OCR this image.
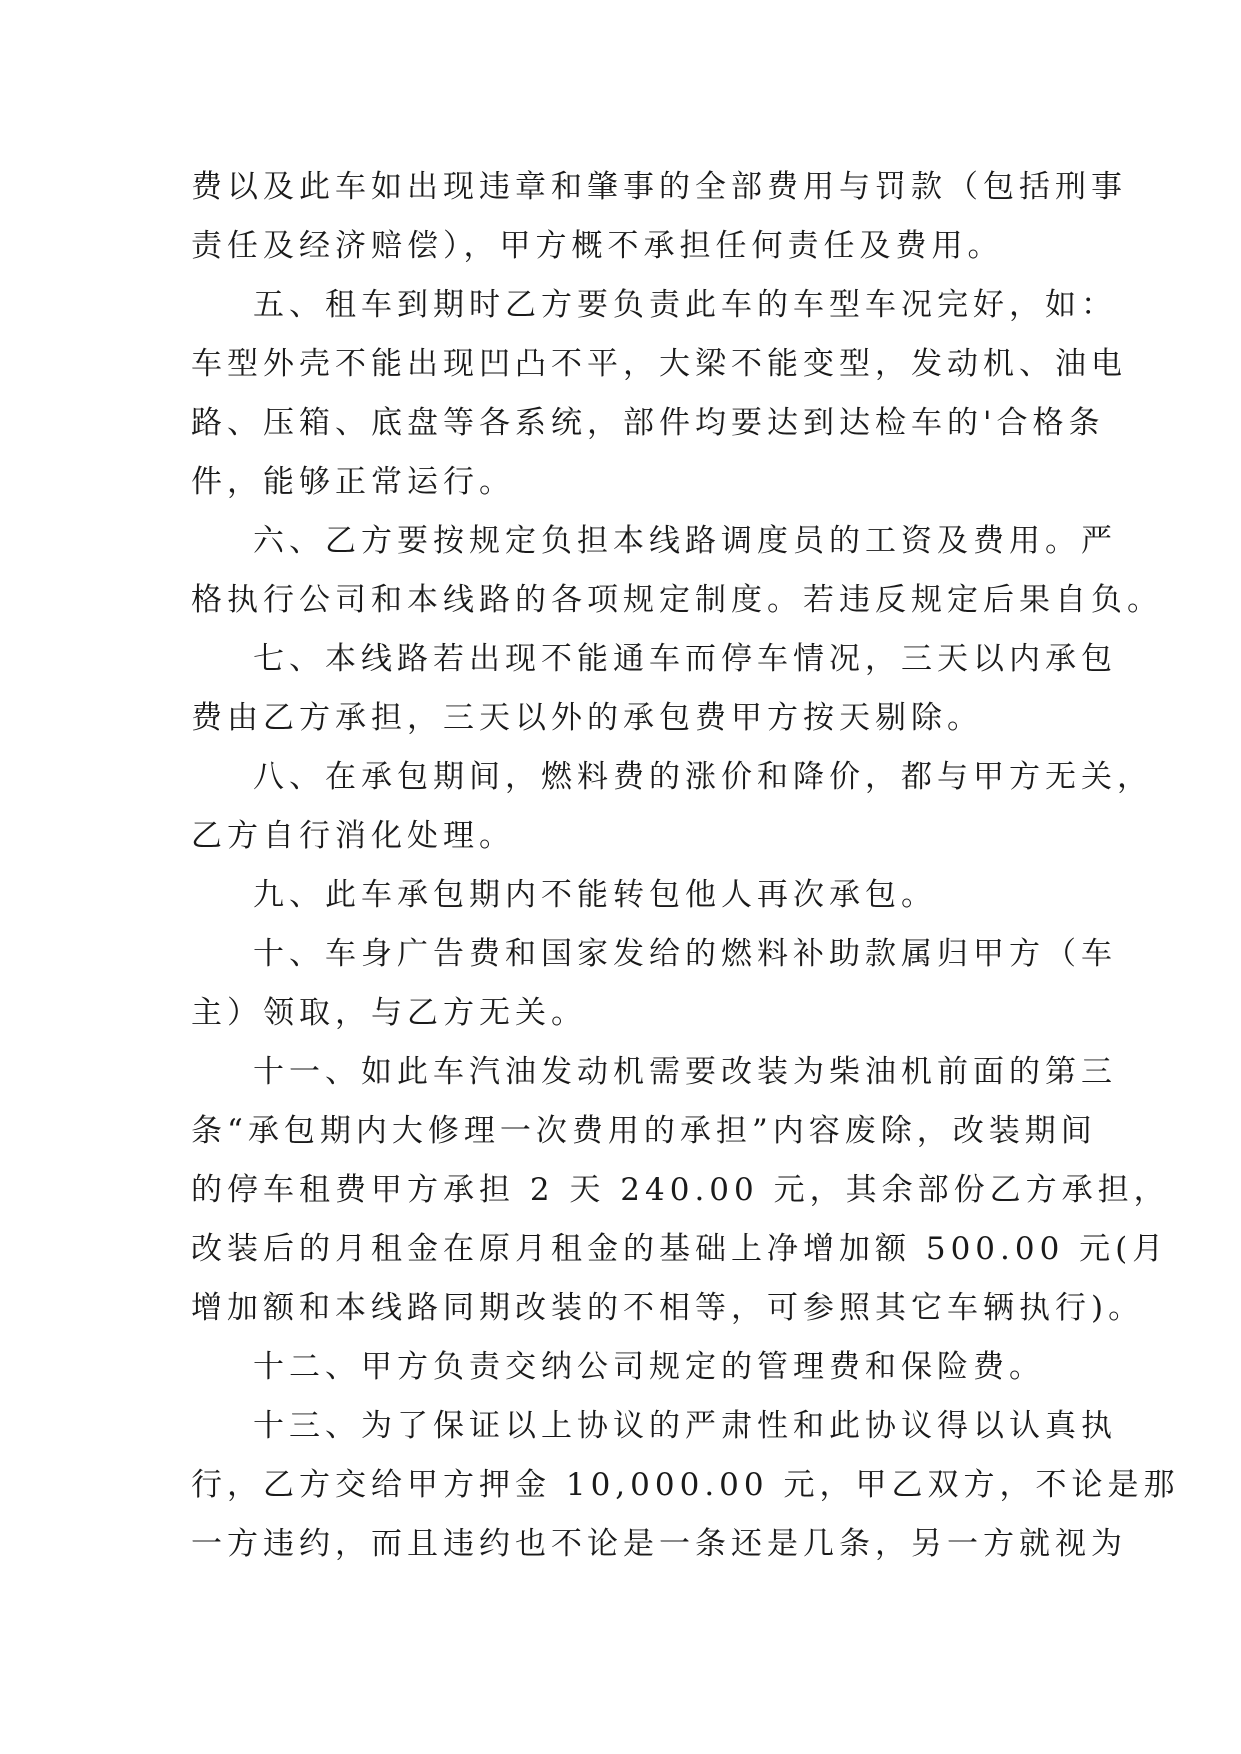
费以及此车如出现违章和肇事的全部费用与罚款（包括刑事
责任及经济赔偿），甲方概不承担任何责任及费用。
五、租车到期时乙方要负责此车的车型车况完好，如：
车型外壳不能出现凹凸不平，大梁不能变型，发动机、油电
路、压箱、底盘等各系统，部件均要达到达检车的'合格条
件，能够正常运行。
六、乙方要按规定负担本线路调度员的工资及费用。严
格执行公司和本线路的各项规定制度。若违反规定后果自负。
七、本线路若出现不能通车而停车情况，三天以内承包
费由乙方承担，三天以外的承包费甲方按天剔除。
八、在承包期间，燃料费的涨价和降价，都与甲方无关，
乙方自行消化处理。
九、此车承包期内不能转包他人再次承包。
十、车身广告费和国家发给的燃料补助款属归甲方（车
主）领取，与乙方无关。
十一、如此车汽油发动机需要改装为柴油机前面的第三
条“承包期内大修理一次费用的承担”内容废除，改装期间
的停车租费甲方承担 2 天 240.00 元，其余部份乙方承担，
改装后的月租金在原月租金的基础上净增加额 500.00 元(月
增加额和本线路同期改装的不相等，可参照其它车辆执行)。
十二、甲方负责交纳公司规定的管理费和保险费。
十三、为了保证以上协议的严肃性和此协议得以认真执
行，乙方交给甲方押金 10,000.00 元，甲乙双方，不论是那
一方违约，而且违约也不论是一条还是几条，另一方就视为
